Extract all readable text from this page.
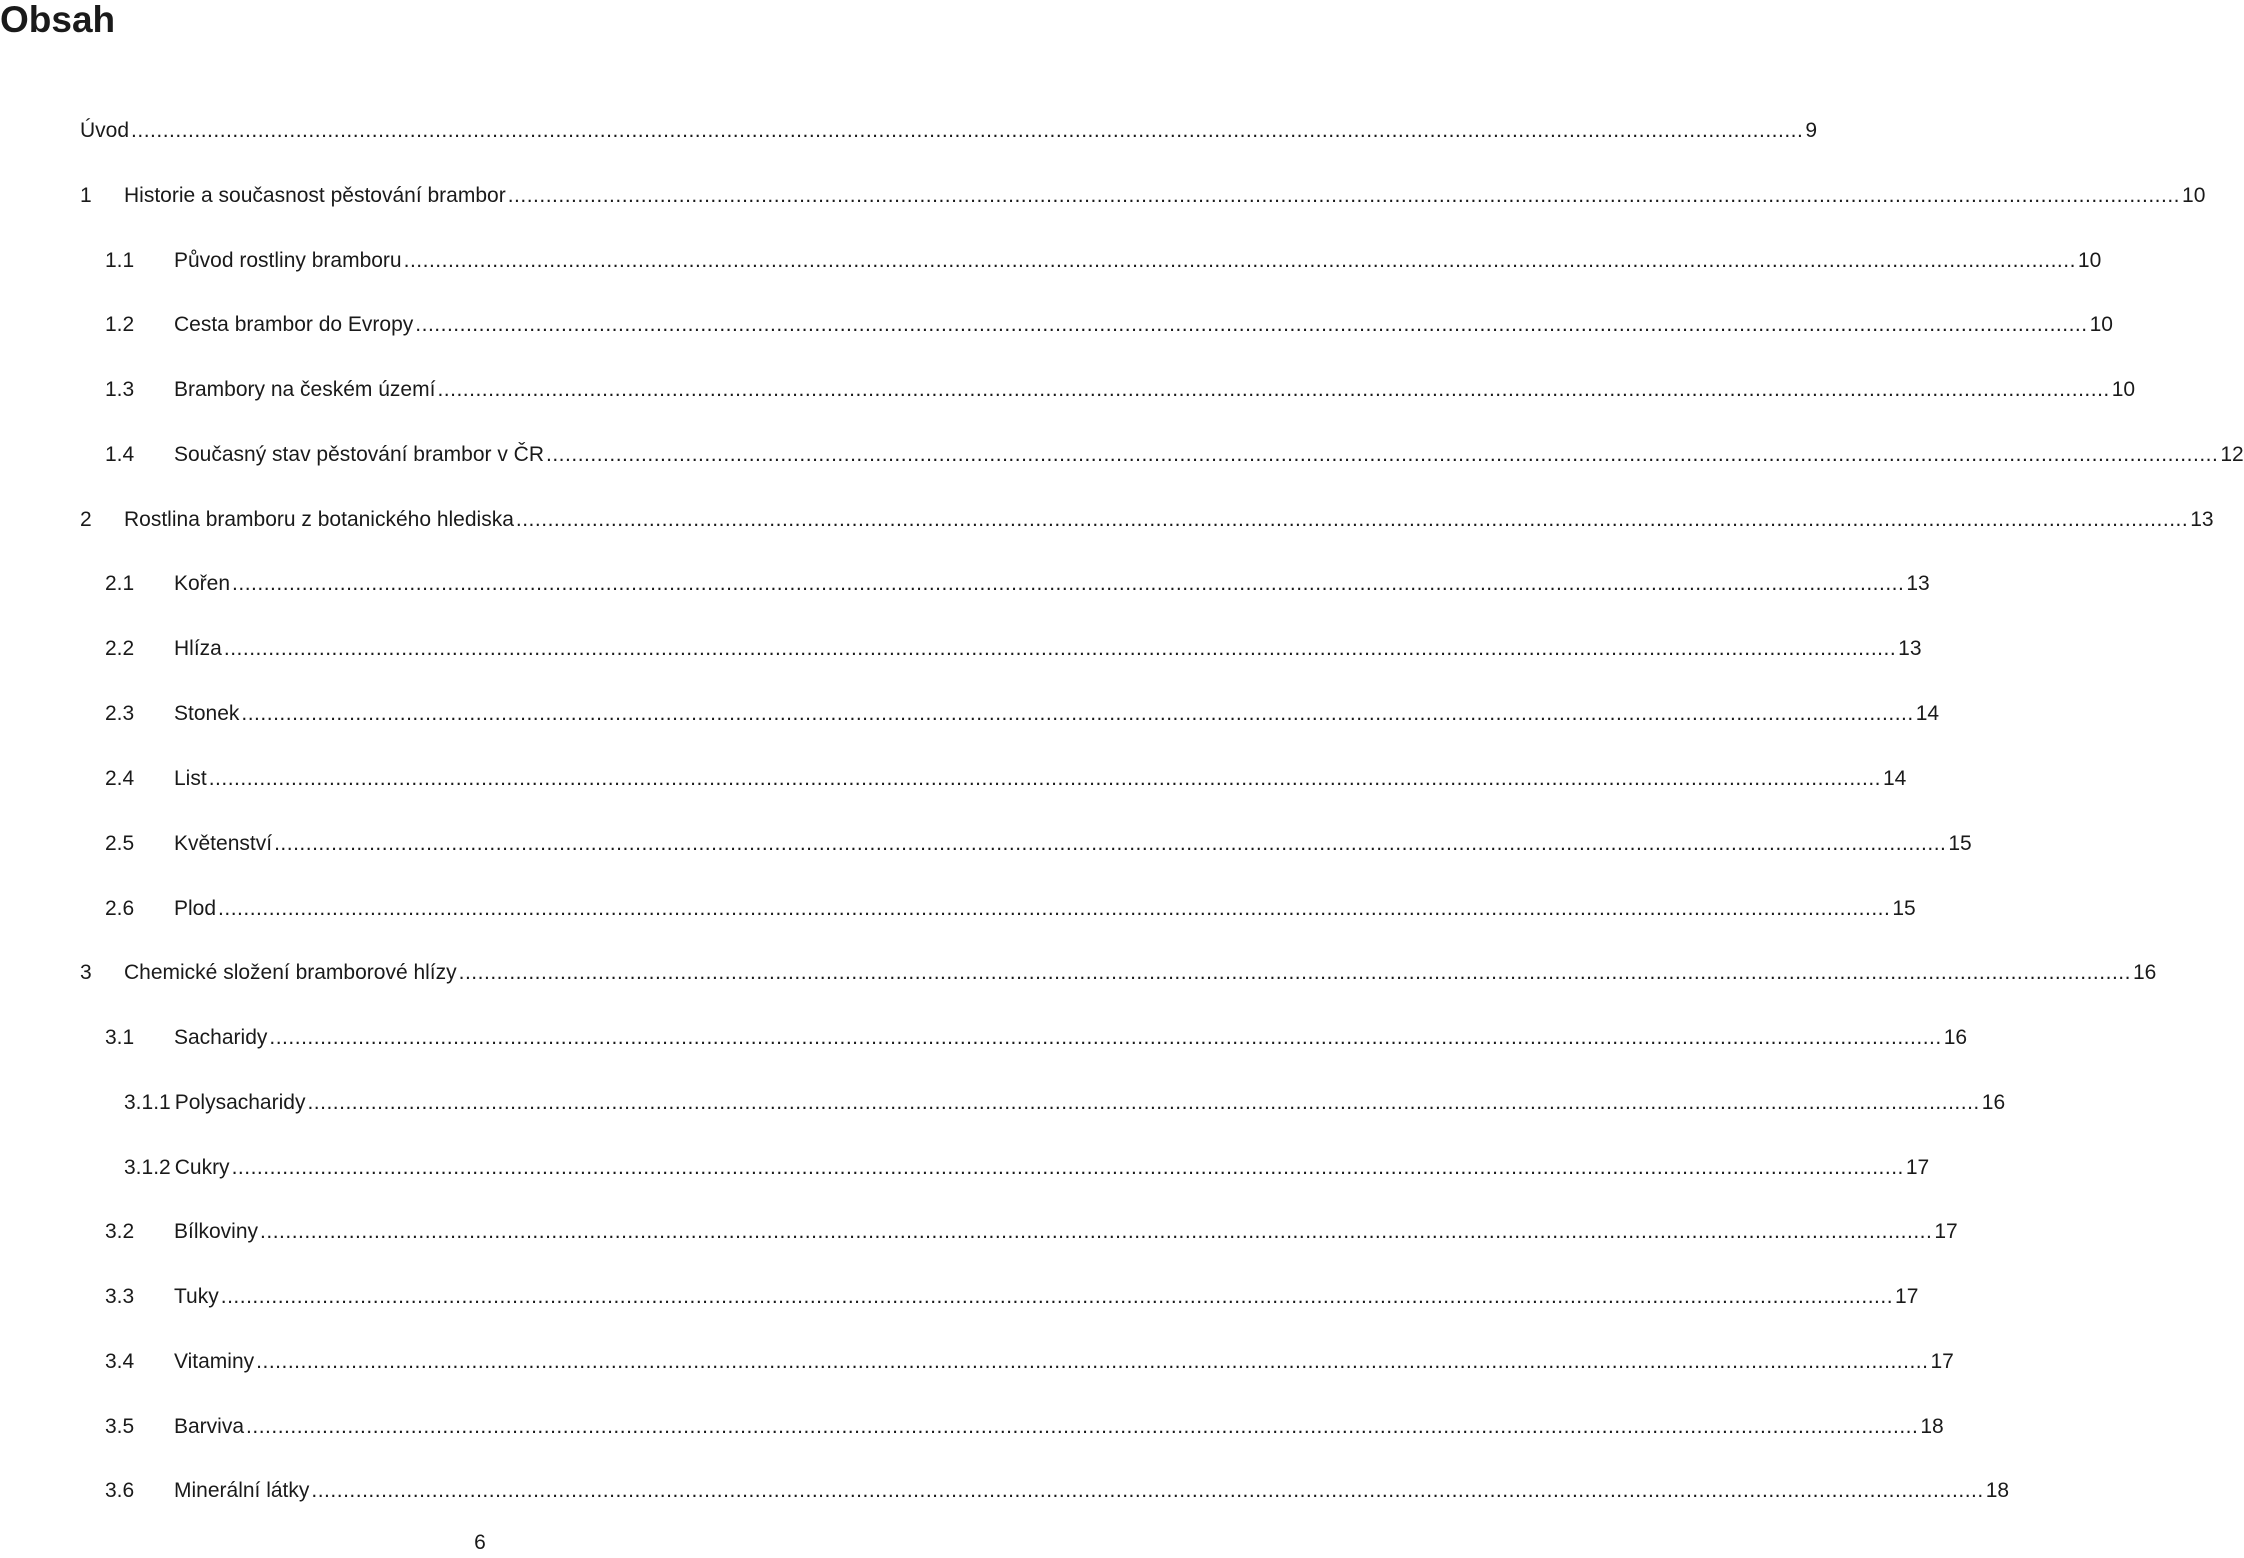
Obsah
Úvod .....	9
1	Historie a současnost pěstování brambor .....	10
1.1	Původ rostliny bramboru .....	10
1.2	Cesta brambor do Evropy .....	10
1.3	Brambory na českém území .....	10
1.4	Současný stav pěstování brambor v ČR .....	12
2	Rostlina bramboru z botanického hlediska .....	13
2.1	Kořen .....	13
2.2	Hlíza .....	13
2.3	Stonek .....	14
2.4	List .....	14
2.5	Květenství .....	15
2.6	Plod .....	15
3	Chemické složení bramborové hlízy .....	16
3.1	Sacharidy .....	16
3.1.1 Polysacharidy .....	16
3.1.2 Cukry .....	17
3.2	Bílkoviny .....	17
3.3	Tuky .....	17
3.4	Vitaminy .....	17
3.5	Barviva .....	18
3.6	Minerální látky .....	18
6
